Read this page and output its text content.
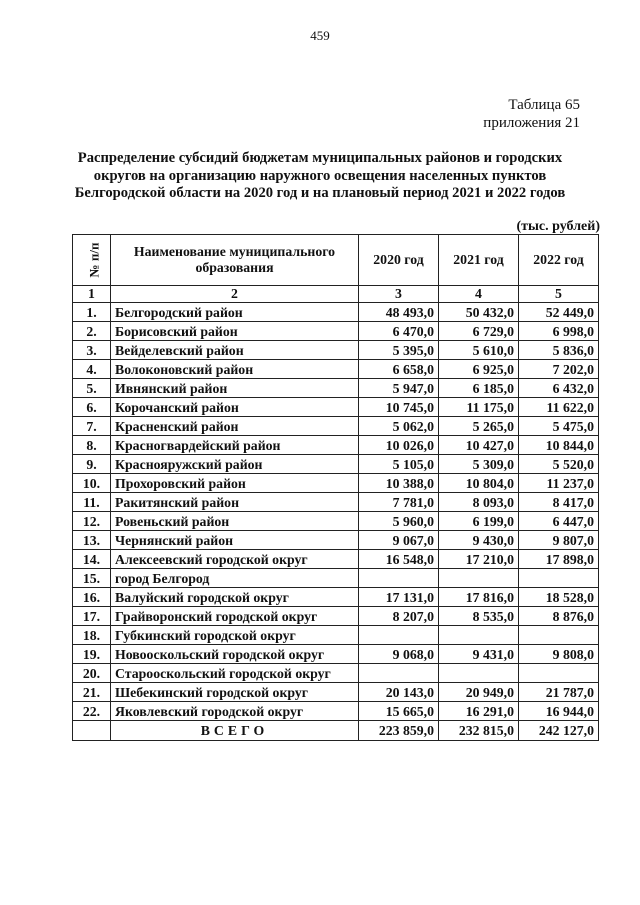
459
Таблица 65
приложения 21
Распределение субсидий бюджетам муниципальных районов и городских
округов на организацию наружного освещения населенных пунктов
Белгородской области на 2020 год и на плановый период 2021 и 2022 годов
(тыс. рублей)
№ п/п	Наименование муниципального образования	2020 год	2021 год	2022 год
1	2	3	4	5
1.	Белгородский район	48 493,0	50 432,0	52 449,0
2.	Борисовский район	6 470,0	6 729,0	6 998,0
3.	Вейделевский район	5 395,0	5 610,0	5 836,0
4.	Волоконовский район	6 658,0	6 925,0	7 202,0
5.	Ивнянский район	5 947,0	6 185,0	6 432,0
6.	Корочанский район	10 745,0	11 175,0	11 622,0
7.	Красненский район	5 062,0	5 265,0	5 475,0
8.	Красногвардейский район	10 026,0	10 427,0	10 844,0
9.	Краснояружский район	5 105,0	5 309,0	5 520,0
10.	Прохоровский район	10 388,0	10 804,0	11 237,0
11.	Ракитянский район	7 781,0	8 093,0	8 417,0
12.	Ровеньский район	5 960,0	6 199,0	6 447,0
13.	Чернянский район	9 067,0	9 430,0	9 807,0
14.	Алексеевский городской округ	16 548,0	17 210,0	17 898,0
15.	город Белгород			
16.	Валуйский городской округ	17 131,0	17 816,0	18 528,0
17.	Грайворонский городской округ	8 207,0	8 535,0	8 876,0
18.	Губкинский городской округ			
19.	Новооскольский городской округ	9 068,0	9 431,0	9 808,0
20.	Старооскольский городской округ			
21.	Шебекинский городской округ	20 143,0	20 949,0	21 787,0
22.	Яковлевский городской округ	15 665,0	16 291,0	16 944,0
	ВСЕГО	223 859,0	232 815,0	242 127,0
